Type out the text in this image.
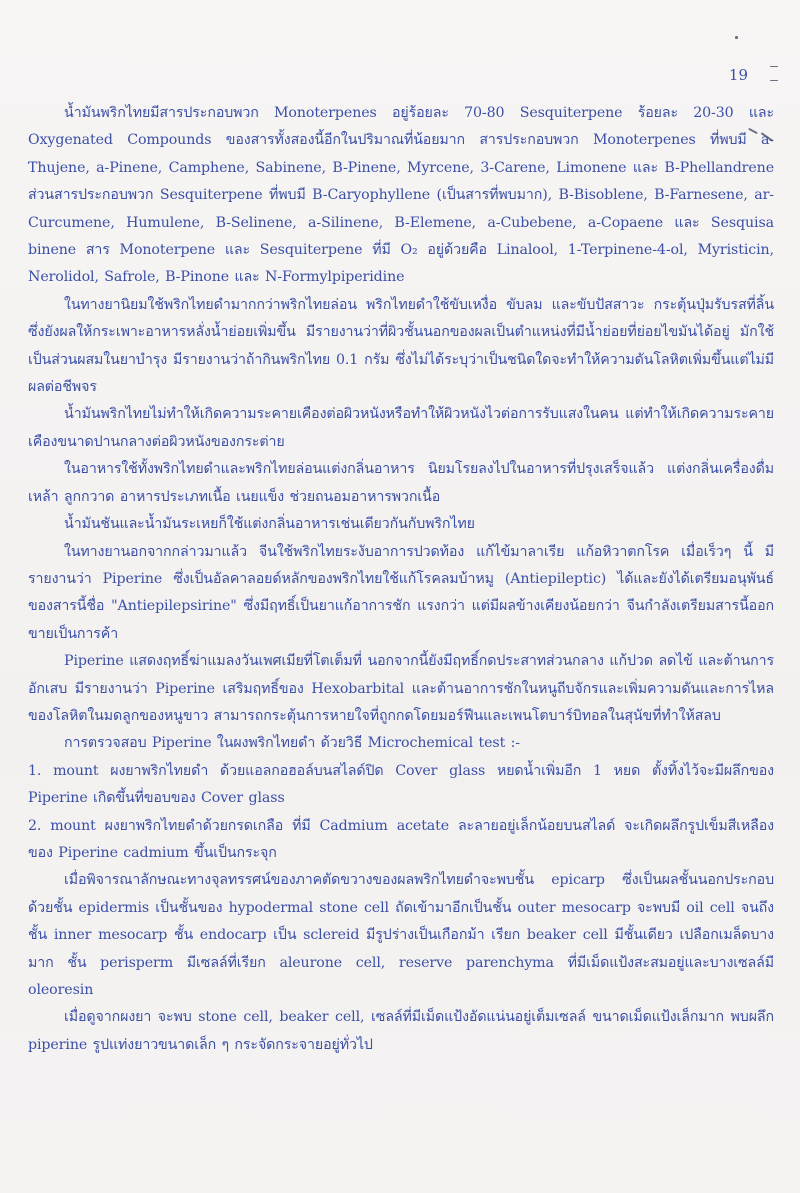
19

น้ำมันพริกไทยมีสารประกอบพวก Monoterpenes อยู่ร้อยละ 70-80 Sesquiterpene ร้อยละ 20-30 และ Oxygenated Compounds ของสารทั้งสองนี้อีกในปริมาณที่น้อยมาก สารประกอบพวก Monoterpenes ที่พบมี a-Thujene, a-Pinene, Camphene, Sabinene, B-Pinene, Myrcene, 3-Carene, Limonene และ B-Phellandrene ส่วนสารประกอบพวก Sesquiterpene ที่พบมี B-Caryophyllene (เป็นสารที่พบมาก), B-Bisoblene, B-Farnesene, ar-Curcumene, Humulene, B-Selinene, a-Silinene, B-Elemene, a-Cubebene, a-Copaene และ Sesquisa binene สาร Monoterpene และ Sesquiterpene ที่มี O₂ อยู่ด้วยคือ Linalool, 1-Terpinene-4-ol, Myristicin, Nerolidol, Safrole, B-Pinone และ N-Formylpiperidine

ในทางยานิยมใช้พริกไทยดำมากกว่าพริกไทยล่อน พริกไทยดำใช้ขับเหงื่อ ขับลม และขับปัสสาวะ กระตุ้นปุ่มรับรสที่ลิ้นซึ่งยังผลให้กระเพาะอาหารหลั่งน้ำย่อยเพิ่มขึ้น มีรายงานว่าที่ผิวชั้นนอกของผลเป็นตำแหน่งที่มีน้ำย่อยที่ย่อยไขมันได้อยู่ มักใช้เป็นส่วนผสมในยาบำรุง มีรายงานว่าถ้ากินพริกไทย 0.1 กรัม ซึ่งไม่ได้ระบุว่าเป็นชนิดใดจะทำให้ความดันโลหิตเพิ่มขึ้นแต่ไม่มีผลต่อชีพจร

น้ำมันพริกไทยไม่ทำให้เกิดความระคายเคืองต่อผิวหนังหรือทำให้ผิวหนังไวต่อการรับแสงในคน แต่ทำให้เกิดความระคายเคืองขนาดปานกลางต่อผิวหนังของกระต่าย

ในอาหารใช้ทั้งพริกไทยดำและพริกไทยล่อนแต่งกลิ่นอาหาร นิยมโรยลงไปในอาหารที่ปรุงเสร็จแล้ว แต่งกลิ่นเครื่องดื่ม เหล้า ลูกกวาด อาหารประเภทเนื้อ เนยแข็ง ช่วยถนอมอาหารพวกเนื้อ

น้ำมันชันและน้ำมันระเหยก็ใช้แต่งกลิ่นอาหารเช่นเดียวกันกับพริกไทย

ในทางยานอกจากกล่าวมาแล้ว จีนใช้พริกไทยระงับอาการปวดท้อง แก้ไข้มาลาเรีย แก้อหิวาตกโรค เมื่อเร็วๆ นี้ มีรายงานว่า Piperine ซึ่งเป็นอัลคาลอยด์หลักของพริกไทยใช้แก้โรคลมบ้าหมู (Antiepileptic) ได้และยังได้เตรียมอนุพันธ์ของสารนี้ชื่อ "Antiepilepsirine" ซึ่งมีฤทธิ์เป็นยาแก้อาการชัก แรงกว่า แต่มีผลข้างเคียงน้อยกว่า จีนกำลังเตรียมสารนี้ออกขายเป็นการค้า

Piperine แสดงฤทธิ์ฆ่าแมลงวันเพศเมียที่โตเต็มที่ นอกจากนี้ยังมีฤทธิ์กดประสาทส่วนกลาง แก้ปวด ลดไข้ และต้านการอักเสบ มีรายงานว่า Piperine เสริมฤทธิ์ของ Hexobarbital และต้านอาการชักในหนูถีบจักรและเพิ่มความดันและการไหลของโลหิตในมดลูกของหนูขาว สามารถกระตุ้นการหายใจที่ถูกกดโดยมอร์ฟีนและเพนโตบาร์บิทอลในสุนัขที่ทำให้สลบ

การตรวจสอบ Piperine ในผงพริกไทยดำ ด้วยวิธี Microchemical test :-

1. mount ผงยาพริกไทยดำ ด้วยแอลกอฮอล์บนสไลด์ปิด Cover glass หยดน้ำเพิ่มอีก 1 หยด ตั้งทิ้งไว้จะมีผลึกของ Piperine เกิดขึ้นที่ขอบของ Cover glass

2. mount ผงยาพริกไทยดำด้วยกรดเกลือ ที่มี Cadmium acetate ละลายอยู่เล็กน้อยบนสไลด์ จะเกิดผลึกรูปเข็มสีเหลืองของ Piperine cadmium ขึ้นเป็นกระจุก

เมื่อพิจารณาลักษณะทางจุลทรรศน์ของภาคตัดขวางของผลพริกไทยดำจะพบชั้น epicarp ซึ่งเป็นผลชั้นนอกประกอบด้วยชั้น epidermis เป็นชั้นของ hypodermal stone cell ถัดเข้ามาอีกเป็นชั้น outer mesocarp จะพบมี oil cell จนถึงชั้น inner mesocarp ชั้น endocarp เป็น sclereid มีรูปร่างเป็นเกือกม้า เรียก beaker cell มีชั้นเดียว เปลือกเมล็ดบางมาก ชั้น perisperm มีเซลล์ที่เรียก aleurone cell, reserve parenchyma ที่มีเม็ดแป้งสะสมอยู่และบางเซลล์มี oleoresin

เมื่อดูจากผงยา จะพบ stone cell, beaker cell, เซลล์ที่มีเม็ดแป้งอัดแน่นอยู่เต็มเซลล์ ขนาดเม็ดแป้งเล็กมาก พบผลึก piperine รูปแท่งยาวขนาดเล็ก ๆ กระจัดกระจายอยู่ทั่วไป
